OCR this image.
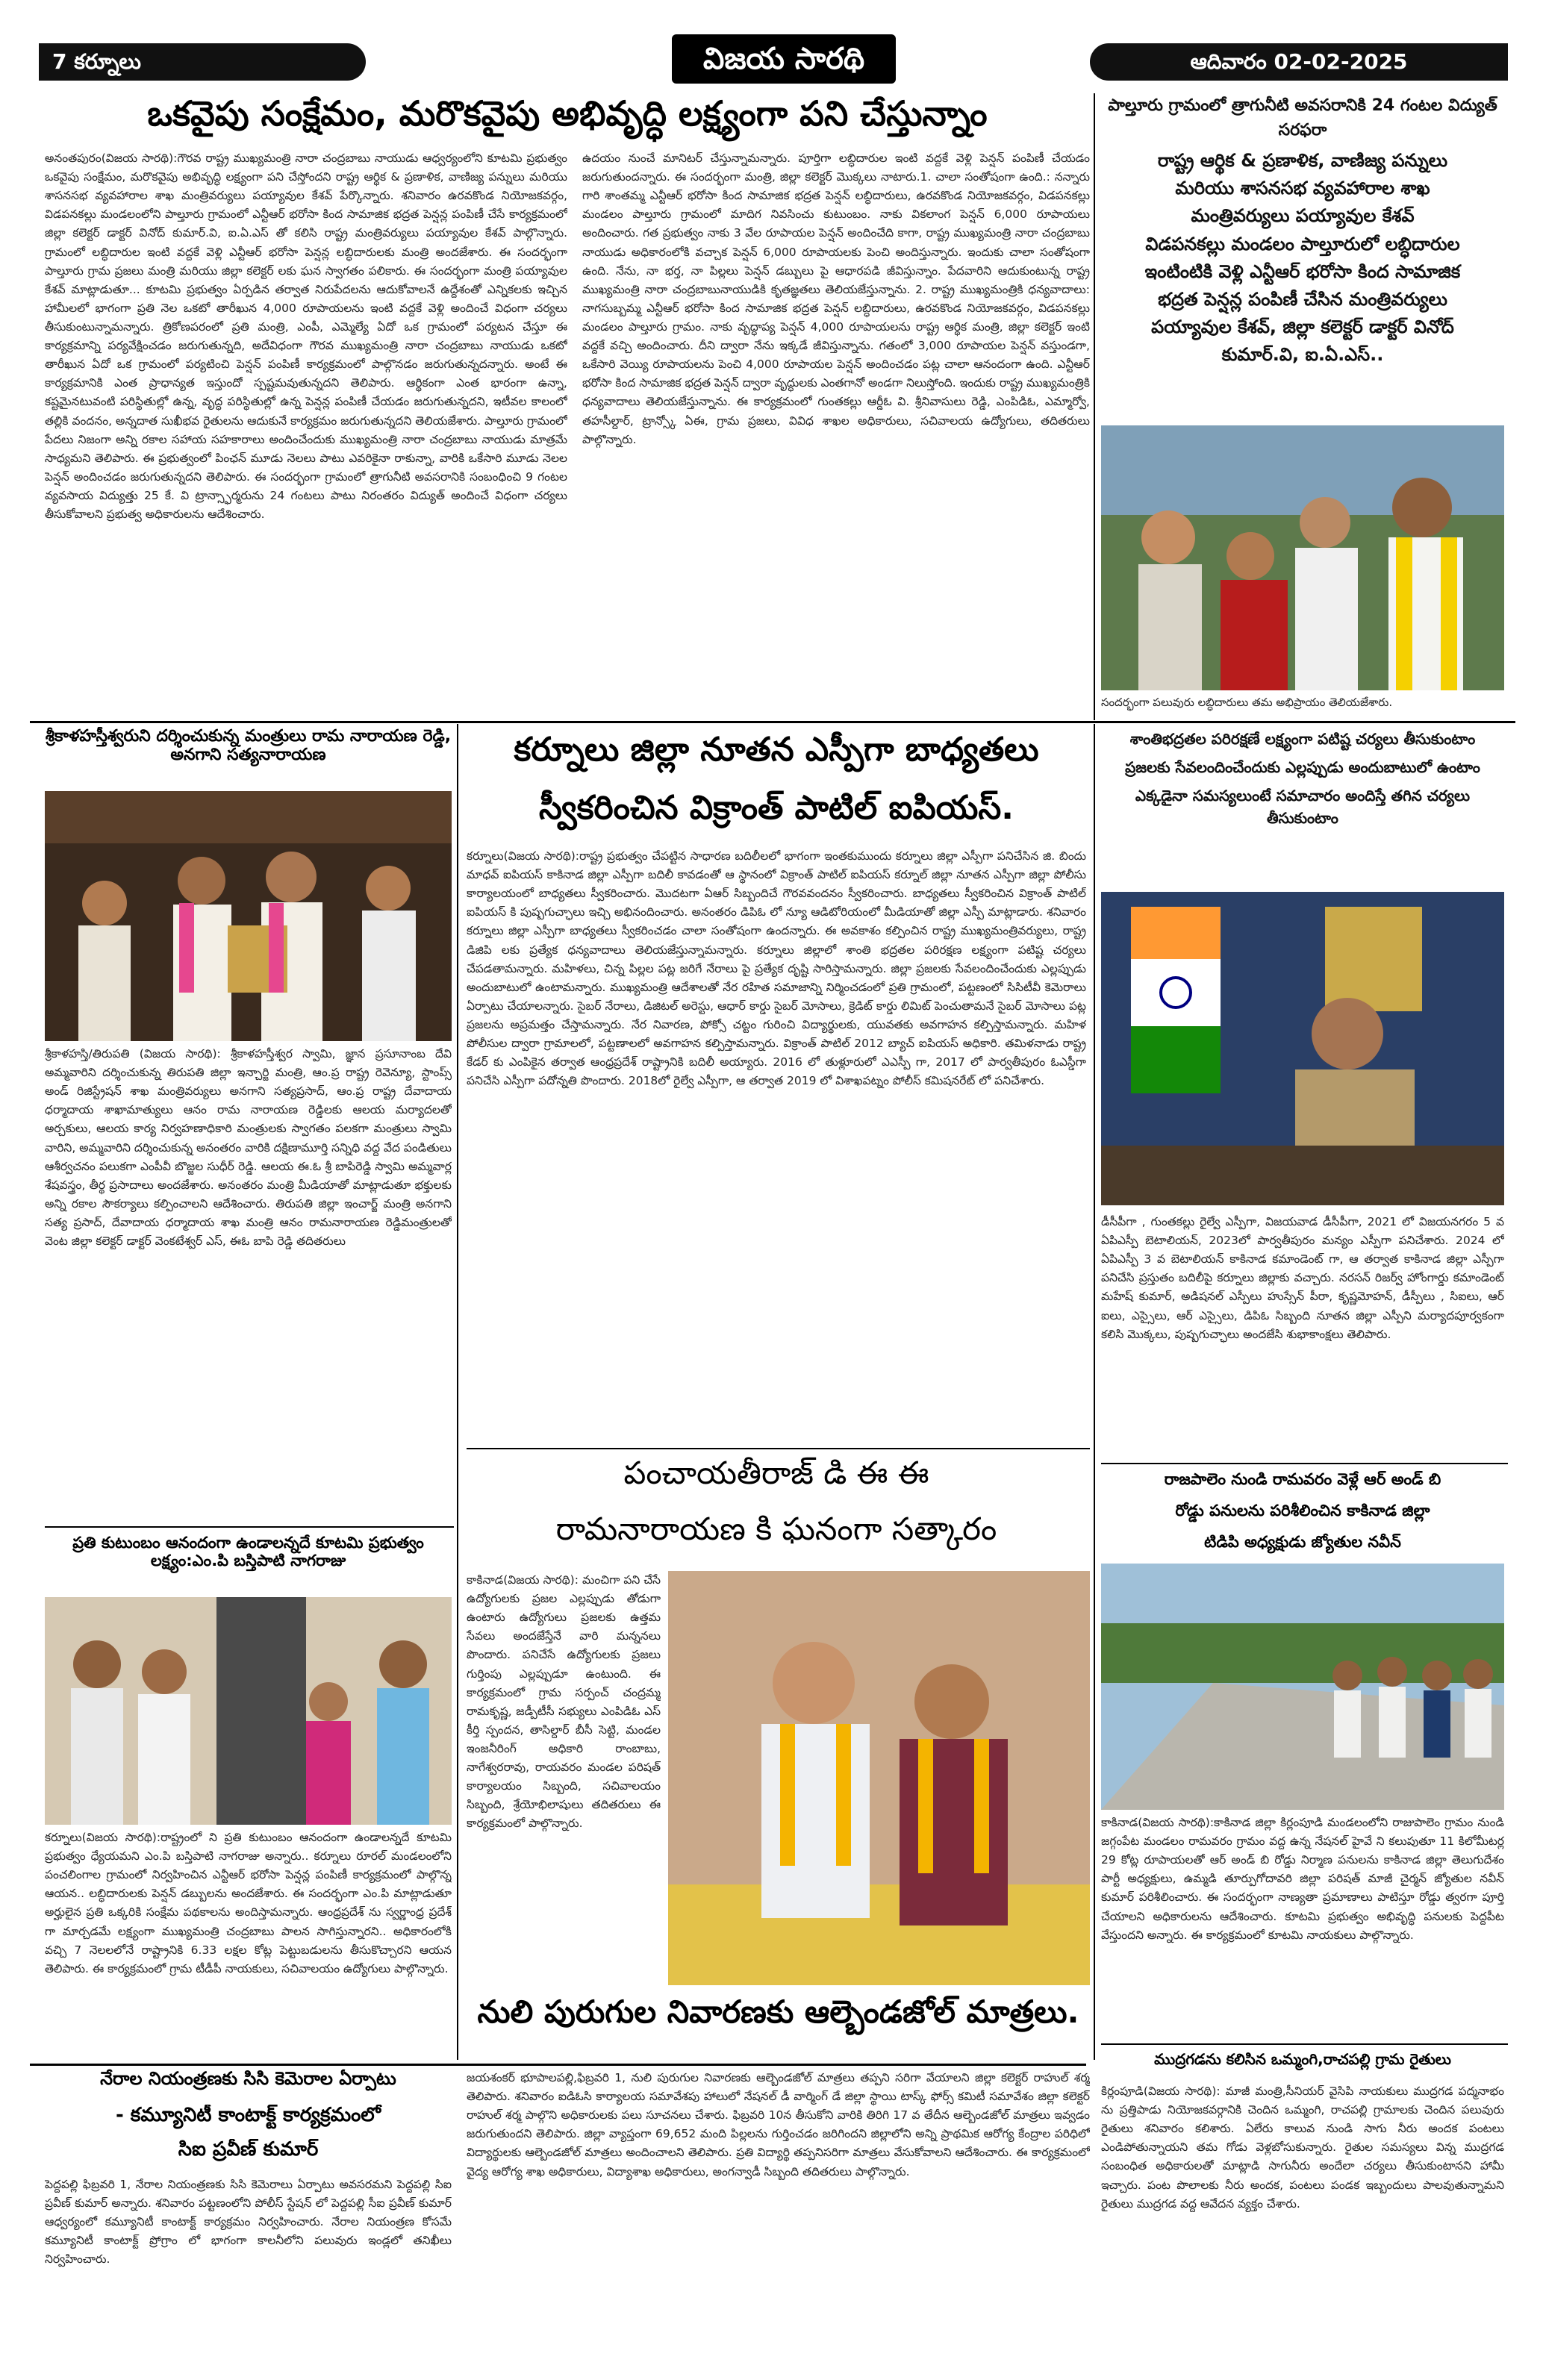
7 కర్నూలు	విజయ సారథి	ఆదివారం 02-02-2025
ఒకవైపు సంక్షేమం, మరొకవైపు అభివృద్ధి లక్ష్యంగా పని చేస్తున్నాం
అనంతపురం(విజయ సారథి):గౌరవ రాష్ట్ర ముఖ్యమంత్రి నారా చంద్రబాబు నాయుడు ఆధ్వర్యంలోని కూటమి ప్రభుత్వం ఒకవైపు సంక్షేమం, మరొకవైపు అభివృద్ధి లక్ష్యంగా పని చేస్తోందని రాష్ట్ర ఆర్థిక & ప్రణాళిక, వాణిజ్య పన్నులు మరియు శాసనసభ వ్యవహారాల శాఖ మంత్రివర్యులు పయ్యావుల కేశవ్ పేర్కొన్నారు. శనివారం ఉరవకొండ నియోజకవర్గం, విడపనకల్లు మండలంలోని పాల్తూరు గ్రామంలో ఎన్టీఆర్ భరోసా కింద సామాజిక భద్రత పెన్షన్ల పంపిణీ చేసే కార్యక్రమంలో జిల్లా కలెక్టర్ డాక్టర్ వినోద్ కుమార్.వి, ఐ.ఏ.ఎస్ తో కలిసి రాష్ట్ర మంత్రివర్యులు పయ్యావుల కేశవ్ పాల్గొన్నారు. గ్రామంలో లబ్ధిదారుల ఇంటి వద్దకే వెళ్లి ఎన్టీఆర్ భరోసా పెన్షన్ల లబ్ధిదారులకు మంత్రి అందజేశారు. ఈ సందర్భంగా పాల్తూరు గ్రామ ప్రజలు మంత్రి మరియు జిల్లా కలెక్టర్ లకు ఘన స్వాగతం పలికారు. ఈ సందర్భంగా మంత్రి పయ్యావుల కేశవ్ మాట్లాడుతూ... కూటమి ప్రభుత్వం ఏర్పడిన తర్వాత నిరుపేదలను ఆదుకోవాలనే ఉద్దేశంతో ఎన్నికలకు ఇచ్చిన హామీలలో భాగంగా ప్రతి నెల ఒకటో తారీఖున 4,000 రూపాయలను ఇంటి వద్దకే వెళ్లి అందించే విధంగా చర్యలు తీసుకుంటున్నామన్నారు. త్రికోణపరంలో ప్రతి మంత్రి, ఎంపీ, ఎమ్మెల్యే ఏదో ఒక గ్రామంలో పర్యటన చేస్తూ ఈ కార్యక్రమాన్ని పర్యవేక్షించడం జరుగుతున్నది, అదేవిధంగా గౌరవ ముఖ్యమంత్రి నారా చంద్రబాబు నాయుడు ఒకటో తారీఖున ఏదో ఒక గ్రామంలో పర్యటించి పెన్షన్ పంపిణీ కార్యక్రమంలో పాల్గొనడం జరుగుతున్నదన్నారు. అంటే ఈ కార్యక్రమానికి ఎంత ప్రాధాన్యత ఇస్తుందో స్పష్టమవుతున్నదని తెలిపారు. ఆర్థికంగా ఎంత భారంగా ఉన్నా, కష్టమైనటువంటి పరిస్థితుల్లో ఉన్న, వృద్ధ పరిస్థితుల్లో ఉన్న పెన్షన్ల పంపిణీ చేయడం జరుగుతున్నదని, ఇటీవల కాలంలో తల్లికి వందనం, అన్నదాత సుఖీభవ రైతులను ఆదుకునే కార్యక్రమం జరుగుతున్నదని తెలియజేశారు. పాల్తూరు గ్రామంలో పేదలు నిజంగా అన్ని రకాల సహాయ సహకారాలు అందించేందుకు ముఖ్యమంత్రి నారా చంద్రబాబు నాయుడు మాత్రమే సాధ్యమని తెలిపారు. ఈ ప్రభుత్వంలో పింఛన్ మూడు నెలలు పాటు ఎవరికైనా రాకున్నా, వారికి ఒకేసారి మూడు నెలల పెన్షన్ అందించడం జరుగుతున్నదని తెలిపారు. ఈ సందర్భంగా గ్రామంలో త్రాగునీటి అవసరానికి సంబంధించి 9 గంటల వ్యవసాయ విద్యుత్తు 25 కే. వి ట్రాన్స్ఫార్మరును 24 గంటలు పాటు నిరంతరం విద్యుత్ అందించే విధంగా చర్యలు తీసుకోవాలని ప్రభుత్వ అధికారులను ఆదేశించారు.
ఉదయం నుంచే మానిటర్ చేస్తున్నామన్నారు. పూర్తిగా లబ్ధిదారుల ఇంటి వద్దకే వెళ్లి పెన్షన్ పంపిణీ చేయడం జరుగుతుందన్నారు. ఈ సందర్భంగా మంత్రి, జిల్లా కలెక్టర్ మొక్కలు నాటారు.1. చాలా సంతోషంగా ఉంది.: నన్నారు గారి శాంతమ్మ ఎన్టీఆర్ భరోసా కింద సామాజిక భద్రత పెన్షన్ లబ్ధిదారులు, ఉరవకొండ నియోజకవర్గం, విడపనకల్లు మండలం పాల్తూరు గ్రామంలో మాదిగ నివసించు కుటుంబం. నాకు వికలాంగ పెన్షన్ 6,000 రూపాయలు అందించారు. గత ప్రభుత్వం నాకు 3 వేల రూపాయల పెన్షన్ అందించేది కాగా, రాష్ట్ర ముఖ్యమంత్రి నారా చంద్రబాబు నాయుడు అధికారంలోకి వచ్చాక పెన్షన్ 6,000 రూపాయలకు పెంచి అందిస్తున్నారు. ఇందుకు చాలా సంతోషంగా ఉంది. నేను, నా భర్త, నా పిల్లలు పెన్షన్ డబ్బులు పై ఆధారపడి జీవిస్తున్నాం. పేదవారిని ఆదుకుంటున్న రాష్ట్ర ముఖ్యమంత్రి నారా చంద్రబాబునాయుడికి కృతజ్ఞతలు తెలియజేస్తున్నాను. 2. రాష్ట్ర ముఖ్యమంత్రికి ధన్యవాదాలు: నాగసుబ్బమ్మ ఎన్టీఆర్ భరోసా కింద సామాజిక భద్రత పెన్షన్ లబ్ధిదారులు, ఉరవకొండ నియోజకవర్గం, విడపనకల్లు మండలం పాల్తూరు గ్రామం. నాకు వృద్ధాప్య పెన్షన్ 4,000 రూపాయలను రాష్ట్ర ఆర్థిక మంత్రి, జిల్లా కలెక్టర్ ఇంటి వద్దకే వచ్చి అందించారు. దీని ద్వారా నేను ఇక్కడే జీవిస్తున్నాను. గతంలో 3,000 రూపాయల పెన్షన్ వస్తుండగా, ఒకేసారి వెయ్యి రూపాయలను పెంచి 4,000 రూపాయల పెన్షన్ అందించడం పట్ల చాలా ఆనందంగా ఉంది. ఎన్టీఆర్ భరోసా కింద సామాజిక భద్రత పెన్షన్ ద్వారా వృద్ధులకు ఎంతగానో అండగా నిలుస్తోంది. ఇందుకు రాష్ట్ర ముఖ్యమంత్రికి ధన్యవాదాలు తెలియజేస్తున్నాను. ఈ కార్యక్రమంలో గుంతకల్లు ఆర్డీఓ వి. శ్రీనివాసులు రెడ్డి, ఎంపిడిఓ, ఎమ్మార్వో, తహసీల్దార్, ట్రాన్స్కో ఏఈ, గ్రామ ప్రజలు, వివిధ శాఖల అధికారులు, సచివాలయ ఉద్యోగులు, తదితరులు పాల్గొన్నారు.
పాల్తూరు గ్రామంలో త్రాగునీటి అవసరానికి 24 గంటల విద్యుత్ సరఫరా
రాష్ట్ర ఆర్థిక & ప్రణాళిక, వాణిజ్య పన్నులు
మరియు శాసనసభ వ్యవహారాల శాఖ
మంత్రివర్యులు పయ్యావుల కేశవ్
విడపనకల్లు మండలం పాల్తూరులో లబ్ధిదారుల
ఇంటింటికి వెళ్లి ఎన్టీఆర్ భరోసా కింద సామాజిక
భద్రత పెన్షన్ల పంపిణీ చేసిన మంత్రివర్యులు
పయ్యావుల కేశవ్, జిల్లా కలెక్టర్ డాక్టర్ వినోద్
కుమార్.వి, ఐ.ఏ.ఎస్..
సందర్భంగా పలువురు లబ్ధిదారులు తమ అభిప్రాయం తెలియజేశారు.
శ్రీకాళహస్తీశ్వరుని దర్శించుకున్న మంత్రులు రామ నారాయణ రెడ్డి, అనగాని సత్యనారాయణ
శ్రీకాళహస్తి/తిరుపతి (విజయ సారథి): శ్రీకాళహస్తీశ్వర స్వామి, జ్ఞాన ప్రసూనాంబ దేవి అమ్మవారిని దర్శించుకున్న తిరుపతి జిల్లా ఇన్చార్జి మంత్రి, ఆం.ప్ర రాష్ట్ర రెవెన్యూ, స్టాంప్స్ అండ్ రిజిస్ట్రేషన్ శాఖ మంత్రివర్యులు అనగాని సత్యప్రసాద్, ఆం.ప్ర రాష్ట్ర దేవాదాయ ధర్మాదాయ శాఖామాత్యులు ఆనం రామ నారాయణ రెడ్డిలకు ఆలయ మర్యాదలతో అర్చకులు, ఆలయ కార్య నిర్వహణాధికారి మంత్రులకు స్వాగతం పలకగా మంత్రులు స్వామి వారిని, అమ్మవారిని దర్శించుకున్న అనంతరం వారికి దక్షిణామూర్తి సన్నిధి వద్ద వేద పండితులు ఆశీర్వచనం పలుకగా ఎంపీవీ బొజ్జల సుధీర్ రెడ్డి. ఆలయ ఈ.ఓ శ్రీ బాపిరెడ్డి స్వామి అమ్మవార్ల శేషవస్త్రం, తీర్థ ప్రసాదాలు అందజేశారు. అనంతరం మంత్రి మీడియాతో మాట్లాడుతూ భక్తులకు అన్ని రకాల సౌకర్యాలు కల్పించాలని ఆదేశించారు. తిరుపతి జిల్లా ఇంచార్జ్ మంత్రి అనగాని సత్య ప్రసాద్, దేవాదాయ ధర్మాదాయ శాఖ మంత్రి ఆనం రామనారాయణ రెడ్డిమంత్రులతో వెంట జిల్లా కలెక్టర్ డాక్టర్ వెంకటేశ్వర్ ఎస్, ఈఓ బాపి రెడ్డి తదితరులు
కర్నూలు జిల్లా నూతన ఎస్పీగా బాధ్యతలు
స్వీకరించిన విక్రాంత్ పాటిల్ ఐపియస్.
కర్నూలు(విజయ సారథి):రాష్ట్ర ప్రభుత్వం చేపట్టిన సాధారణ బదిలీలలో భాగంగా ఇంతకుముందు కర్నూలు జిల్లా ఎస్పీగా పనిచేసిన జి. బిందు మాధవ్ ఐపియస్ కాకినాడ జిల్లా ఎస్పీగా బదిలీ కావడంతో ఆ స్థానంలో విక్రాంత్ పాటిల్ ఐపియస్ కర్నూల్ జిల్లా నూతన ఎస్పీగా జిల్లా పోలీసు కార్యాలయంలో బాధ్యతలు స్వీకరించారు. మొదటగా ఏఆర్ సిబ్బందిచే గౌరవవందనం స్వీకరించారు. బాధ్యతలు స్వీకరించిన విక్రాంత్ పాటిల్ ఐపియస్ కి పుష్పగుచ్ఛాలు ఇచ్చి అభినందించారు. అనంతరం డిపిఓ లో న్యూ ఆడిటోరియంలో మీడియాతో జిల్లా ఎస్పీ మాట్లాడారు. శనివారం కర్నూలు జిల్లా ఎస్పీగా బాధ్యతలు స్వీకరించడం చాలా సంతోషంగా ఉందన్నారు. ఈ అవకాశం కల్పించిన రాష్ట్ర ముఖ్యమంత్రివర్యులు, రాష్ట్ర డిజిపి లకు ప్రత్యేక ధన్యవాదాలు తెలియజేస్తున్నామన్నారు. కర్నూలు జిల్లాలో శాంతి భద్రతల పరిరక్షణ లక్ష్యంగా పటిష్ట చర్యలు చేపడతామన్నారు. మహిళలు, చిన్న పిల్లల పట్ల జరిగే నేరాలు పై ప్రత్యేక దృష్టి సారిస్తామన్నారు. జిల్లా ప్రజలకు సేవలందించేందుకు ఎల్లప్పుడు అందుబాటులో ఉంటామన్నారు. ముఖ్యమంత్రి ఆదేశాలతో నేర రహిత సమాజాన్ని నిర్మించడంలో ప్రతి గ్రామంలో, పట్టణంలో సిసిటీవీ కెమెరాలు ఏర్పాటు చేయాలన్నారు. సైబర్ నేరాలు, డిజిటల్ అరెస్టు, ఆధార్ కార్డు సైబర్ మోసాలు, క్రెడిట్ కార్డు లిమిట్ పెంచుతామనే సైబర్ మోసాలు పట్ల ప్రజలను అప్రమత్తం చేస్తామన్నారు. నేర నివారణ, పోక్సో చట్టం గురించి విద్యార్థులకు, యువతకు అవగాహన కల్పిస్తామన్నారు. మహిళ పోలీసుల ద్వారా గ్రామాలలో, పట్టణాలలో అవగాహన కల్పిస్తామన్నారు. విక్రాంత్ పాటిల్ 2012 బ్యాచ్ ఐపియస్ అధికారి. తమిళనాడు రాష్ట్ర కేడర్ కు ఎంపికైన తర్వాత ఆంధ్రప్రదేశ్ రాష్ట్రానికి బదిలీ అయ్యారు. 2016 లో తుళ్లూరులో ఎఎస్పీ గా, 2017 లో పార్వతీపురం ఓఎస్డీగా పనిచేసి ఎస్పీగా పదోన్నతి పొందారు. 2018లో రైల్వే ఎస్పీగా, ఆ తర్వాత 2019 లో విశాఖపట్నం పోలీస్ కమిషనరేట్ లో పనిచేశారు.
శాంతిభద్రతల పరిరక్షణే లక్ష్యంగా పటిష్ట చర్యలు తీసుకుంటాం
ప్రజలకు సేవలందించేందుకు ఎల్లప్పుడు అందుబాటులో ఉంటాం
ఎక్కడైనా సమస్యలుంటే సమాచారం అందిస్తే తగిన చర్యలు తీసుకుంటాం
డీసీపీగా , గుంతకల్లు రైల్వే ఎస్పీగా, విజయవాడ డీసీపీగా, 2021 లో విజయనగరం 5 వ ఏపిఎస్పీ బెటాలియన్, 2023లో పార్వతీపురం మన్యం ఎస్పీగా పనిచేశారు. 2024 లో ఏపిఎస్పీ 3 వ బెటాలియన్ కాకినాడ కమాండెంట్ గా, ఆ తర్వాత కాకినాడ జిల్లా ఎస్పీగా పనిచేసి ప్రస్తుతం బదిలీపై కర్నూలు జిల్లాకు వచ్చారు. నరసన్ రిజర్వ్ హోంగార్డు కమాండెంట్ మహేష్ కుమార్, అడిషనల్ ఎస్పీలు హుస్సేన్ పీరా, కృష్ణమోహన్, డీస్పీలు , సిఐలు, ఆర్ ఐలు, ఎస్సైలు, ఆర్ ఎస్సైలు, డిపిఓ సిబ్బంది నూతన జిల్లా ఎస్పీని మర్యాదపూర్వకంగా కలిసి మొక్కలు, పుష్పగుచ్ఛాలు అందజేసి శుభాకాంక్షలు తెలిపారు.
రాజపాలెం నుండి రామవరం వెళ్లే ఆర్ అండ్ బి
రోడ్డు పనులను పరిశీలించిన కాకినాడ జిల్లా
టిడిపి అధ్యక్షుడు జ్యోతుల నవీన్
కాకినాడ(విజయ సారథి):కాకినాడ జిల్లా కిర్లంపూడి మండలంలోని రాజుపాలెం గ్రామం నుండి జగ్గంపేట మండలం రామవరం గ్రామం వద్ద ఉన్న నేషనల్ హైవే ని కలుపుతూ 11 కిలోమీటర్ల 29 కోట్ల రూపాయలతో ఆర్ అండ్ బి రోడ్డు నిర్మాణ పనులను కాకినాడ జిల్లా తెలుగుదేశం పార్టీ అధ్యక్షులు, ఉమ్మడి తూర్పుగోదావరి జిల్లా పరిషత్ మాజీ చైర్మన్ జ్యోతుల నవీన్ కుమార్ పరిశీలించారు. ఈ సందర్భంగా నాణ్యతా ప్రమాణాలు పాటిస్తూ రోడ్డు త్వరగా పూర్తి చేయాలని అధికారులను ఆదేశించారు. కూటమి ప్రభుత్వం అభివృద్ధి పనులకు పెద్దపీట వేస్తుందని అన్నారు. ఈ కార్యక్రమంలో కూటమి నాయకులు పాల్గొన్నారు.
పంచాయతీరాజ్ డి ఈ ఈ
రామనారాయణ కి ఘనంగా సత్కారం
కాకినాడ(విజయ సారథి): మంచిగా పని చేసే ఉద్యోగులకు ప్రజల ఎల్లప్పుడు తోడుగా ఉంటారు ఉద్యోగులు ప్రజలకు ఉత్తమ సేవలు అందజేస్తేనే వారి మన్ననలు పొందారు. పనిచేసే ఉద్యోగులకు ప్రజలు గుర్తింపు ఎల్లప్పుడూ ఉంటుంది. ఈ కార్యక్రమంలో గ్రామ సర్పంచ్ చంద్రమ్మ రామకృష్ణ, జడ్పీటీసీ సభ్యులు ఎంపిడిఓ ఎస్ కీర్తి స్పందన, తాసిల్దార్ బీసీ సెట్టి, మండల ఇంజనీరింగ్ అధికారి రాంబాబు, నాగేశ్వరరావు, రాయవరం మండల పరిషత్ కార్యాలయం సిబ్బంది, సచివాలయం సిబ్బంది, శ్రేయోభిలాషులు తదితరులు ఈ కార్యక్రమంలో పాల్గొన్నారు.
ప్రతి కుటుంబం ఆనందంగా ఉండాలన్నదే కూటమి ప్రభుత్వం లక్ష్యం:ఎం.పి బస్తిపాటి నాగరాజు
కర్నూలు(విజయ సారథి):రాష్ట్రంలో ని ప్రతి కుటుంబం ఆనందంగా ఉండాలన్నదే కూటమి ప్రభుత్వం ధ్యేయమని ఎం.పి బస్తిపాటి నాగరాజు అన్నారు.. కర్నూలు రూరల్ మండలంలోని పంచలింగాల గ్రామంలో నిర్వహించిన ఎన్టీఆర్ భరోసా పెన్షన్ల పంపిణీ కార్యక్రమంలో పాల్గొన్న ఆయన.. లబ్ధిదారులకు పెన్షన్ డబ్బులను అందజేశారు. ఈ సందర్భంగా ఎం.పి మాట్లాడుతూ అర్హులైన ప్రతి ఒక్కరికి సంక్షేమ పథకాలను అందిస్తామన్నారు. ఆంధ్రప్రదేశ్ ను స్వర్ణాంధ్ర ప్రదేశ్ గా మార్చడమే లక్ష్యంగా ముఖ్యమంత్రి చంద్రబాబు పాలన సాగిస్తున్నారని.. అధికారంలోకి వచ్చి 7 నెలలలోనే రాష్ట్రానికి 6.33 లక్షల కోట్ల పెట్టుబడులను తీసుకొచ్చారని ఆయన తెలిపారు. ఈ కార్యక్రమంలో గ్రామ టీడీపీ నాయకులు, సచివాలయం ఉద్యోగులు పాల్గొన్నారు.
నేరాల నియంత్రణకు సిసి కెమెరాల ఏర్పాటు
- కమ్యూనిటీ కాంటాక్ట్ కార్యక్రమంలో
సిఐ ప్రవీణ్ కుమార్
పెద్దపల్లి ఫిబ్రవరి 1, నేరాల నియంత్రణకు సిసి కెమెరాలు ఏర్పాటు అవసరమని పెద్దపల్లి సిఐ ప్రవీణ్ కుమార్ అన్నారు. శనివారం పట్టణంలోని పోలీస్ స్టేషన్ లో పెద్దపల్లి సీఐ ప్రవీణ్ కుమార్ ఆధ్వర్యంలో కమ్యూనిటీ కాంటాక్ట్ కార్యక్రమం నిర్వహించారు. నేరాల నియంత్రణ కోసమే కమ్యూనిటీ కాంటాక్ట్ ప్రోగ్రాం లో భాగంగా కాలనీలోని పలువురు ఇండ్లలో తనిఖీలు నిర్వహించారు.
నులి పురుగుల నివారణకు ఆల్బెండజోల్ మాత్రలు.
జయశంకర్ భూపాలపల్లి,ఫిబ్రవరి 1, నులి పురుగుల నివారణకు ఆల్బెండజోల్ మాత్రలు తప్పని సరిగా వేయాలని జిల్లా కలెక్టర్ రాహుల్ శర్మ తెలిపారు. శనివారం ఐడిఓసి కార్యాలయ సమావేశపు హాలులో నేషనల్ డీ వార్మింగ్ డే జిల్లా స్థాయి టాస్క్ ఫోర్స్ కమిటీ సమావేశం జిల్లా కలెక్టర్ రాహుల్ శర్మ పాల్గొని అధికారులకు పలు సూచనలు చేశారు. ఫిబ్రవరి 10న తీసుకోని వారికి తిరిగి 17 వ తేదీన ఆల్బెండజోల్ మాత్రలు ఇవ్వడం జరుగుతుందని తెలిపారు. జిల్లా వ్యాప్తంగా 69,652 మంది పిల్లలను గుర్తించడం జరిగిందని జిల్లాలోని అన్ని ప్రాథమిక ఆరోగ్య కేంద్రాల పరిధిలో విద్యార్థులకు ఆల్బెండజోల్ మాత్రలు అందించాలని తెలిపారు. ప్రతి విద్యార్థి తప్పనిసరిగా మాత్రలు వేసుకోవాలని ఆదేశించారు. ఈ కార్యక్రమంలో వైద్య ఆరోగ్య శాఖ అధికారులు, విద్యాశాఖ అధికారులు, అంగన్వాడీ సిబ్బంది తదితరులు పాల్గొన్నారు.
ముద్రగడను కలిసిన ఒమ్మంగి,రాచపల్లి గ్రామ రైతులు
కిర్లంపూడి(విజయ సారథి): మాజీ మంత్రి,సీనియర్ వైసిపి నాయకులు ముద్రగడ పద్మనాభం ను ప్రత్తిపాడు నియోజకవర్గానికి చెందిన ఒమ్మంగి, రాచపల్లి గ్రామాలకు చెందిన పలువురు రైతులు శనివారం కలిశారు. ఏలేరు కాలువ నుండి సాగు నీరు అందక పంటలు ఎండిపోతున్నాయని తమ గోడు వెళ్లబోసుకున్నారు. రైతుల సమస్యలు విన్న ముద్రగడ సంబంధిత అధికారులతో మాట్లాడి సాగునీరు అందేలా చర్యలు తీసుకుంటానని హామీ ఇచ్చారు. పంట పొలాలకు నీరు అందక, పంటలు పండక ఇబ్బందులు పాలవుతున్నామని రైతులు ముద్రగడ వద్ద ఆవేదన వ్యక్తం చేశారు.
